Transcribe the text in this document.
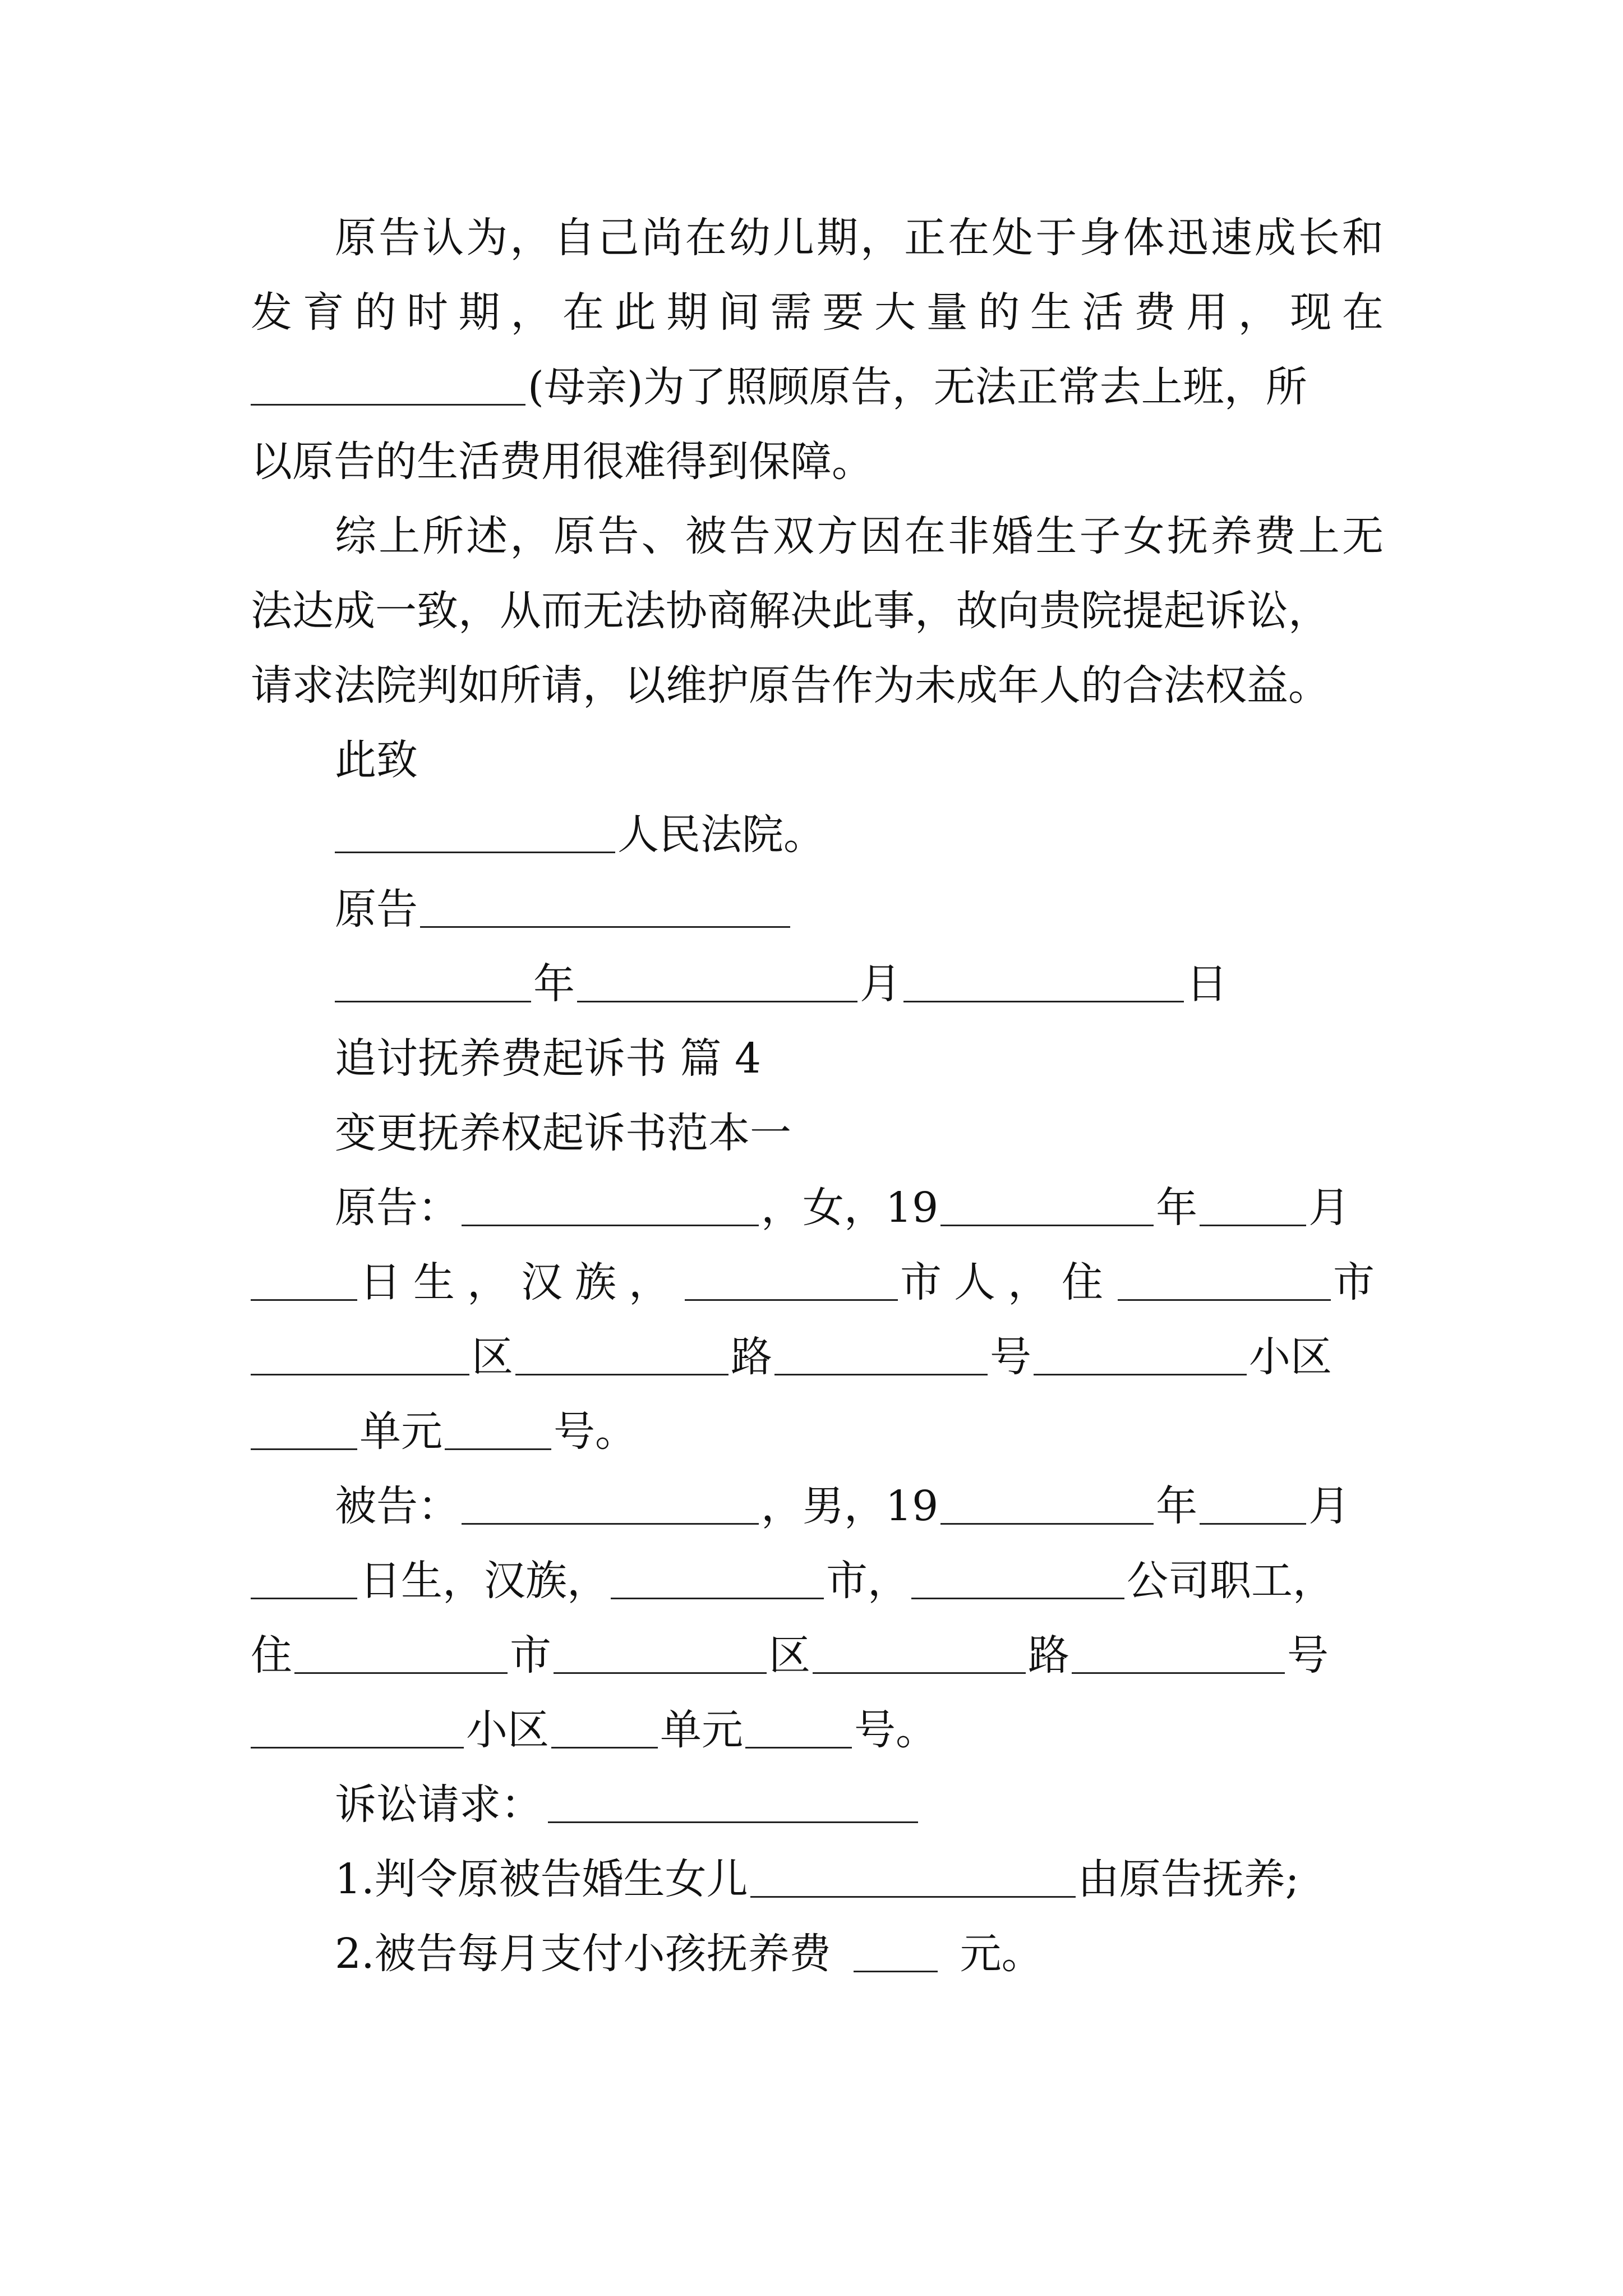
原告认为，自己尚在幼儿期，正在处于身体迅速成长和
发育的时期，在此期间需要大量的生活费用，现在
(母亲)为了照顾原告，无法正常去上班，所
以原告的生活费用很难得到保障。
综上所述，原告、被告双方因在非婚生子女抚养费上无
法达成一致，从而无法协商解决此事，故向贵院提起诉讼，
请求法院判如所请，以维护原告作为未成年人的合法权益。
此致
人民法院。
原告
年	月	日
追讨抚养费起诉书 篇 4
变更抚养权起诉书范本一
原告：	，女，19	年	月
日生，汉族，	市人，住	市
区	路	号	小区
单元	号。
被告：	，男，19	年	月
日生，汉族，	市，	公司职工，
住	市	区	路	号
小区	单元	号。
诉讼请求：
1.判令原被告婚生女儿	由原告抚养;
2.被告每月支付小孩抚养费	元。
